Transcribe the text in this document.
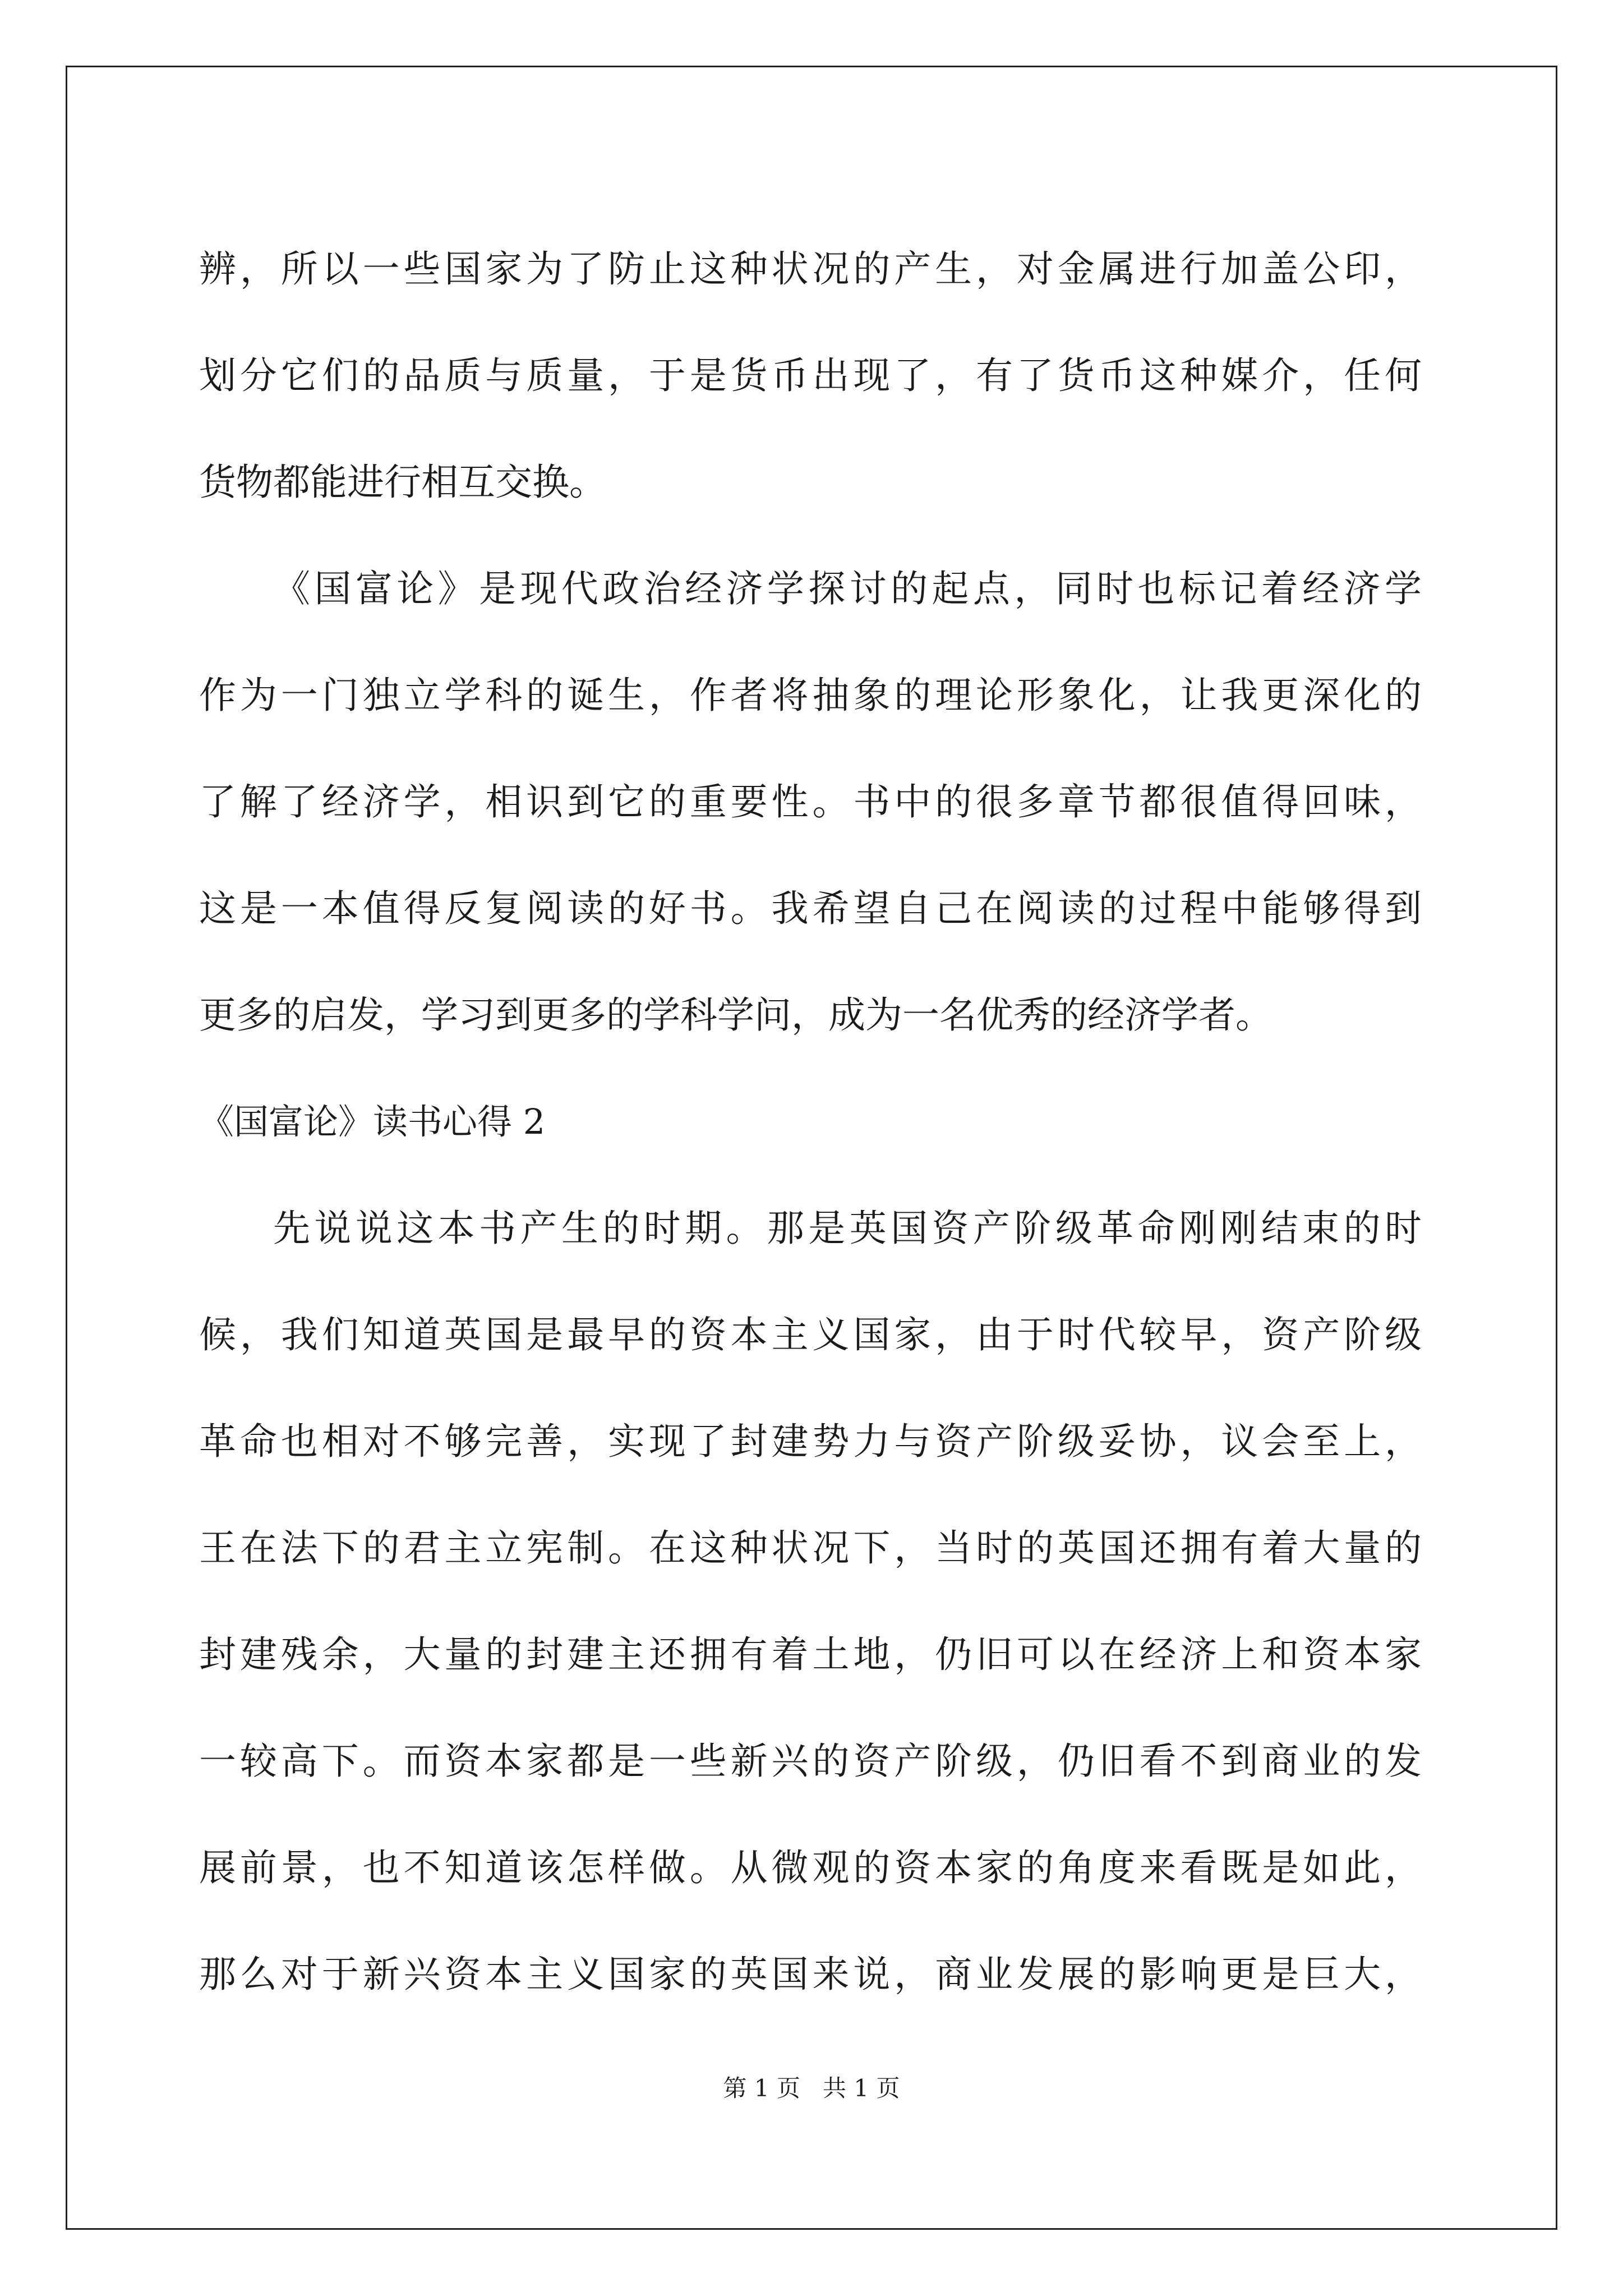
辨，所以一些国家为了防止这种状况的产生，对金属进行加盖公印，
划分它们的品质与质量，于是货币出现了，有了货币这种媒介，任何
货物都能进行相互交换。
《国富论》是现代政治经济学探讨的起点，同时也标记着经济学
作为一门独立学科的诞生，作者将抽象的理论形象化，让我更深化的
了解了经济学，相识到它的重要性。书中的很多章节都很值得回味，
这是一本值得反复阅读的好书。我希望自己在阅读的过程中能够得到
更多的启发，学习到更多的学科学问，成为一名优秀的经济学者。
《国富论》读书心得 2
先说说这本书产生的时期。那是英国资产阶级革命刚刚结束的时
候，我们知道英国是最早的资本主义国家，由于时代较早，资产阶级
革命也相对不够完善，实现了封建势力与资产阶级妥协，议会至上，
王在法下的君主立宪制。在这种状况下，当时的英国还拥有着大量的
封建残余，大量的封建主还拥有着土地，仍旧可以在经济上和资本家
一较高下。而资本家都是一些新兴的资产阶级，仍旧看不到商业的发
展前景，也不知道该怎样做。从微观的资本家的角度来看既是如此，
那么对于新兴资本主义国家的英国来说，商业发展的影响更是巨大，
第 1 页   共 1 页
